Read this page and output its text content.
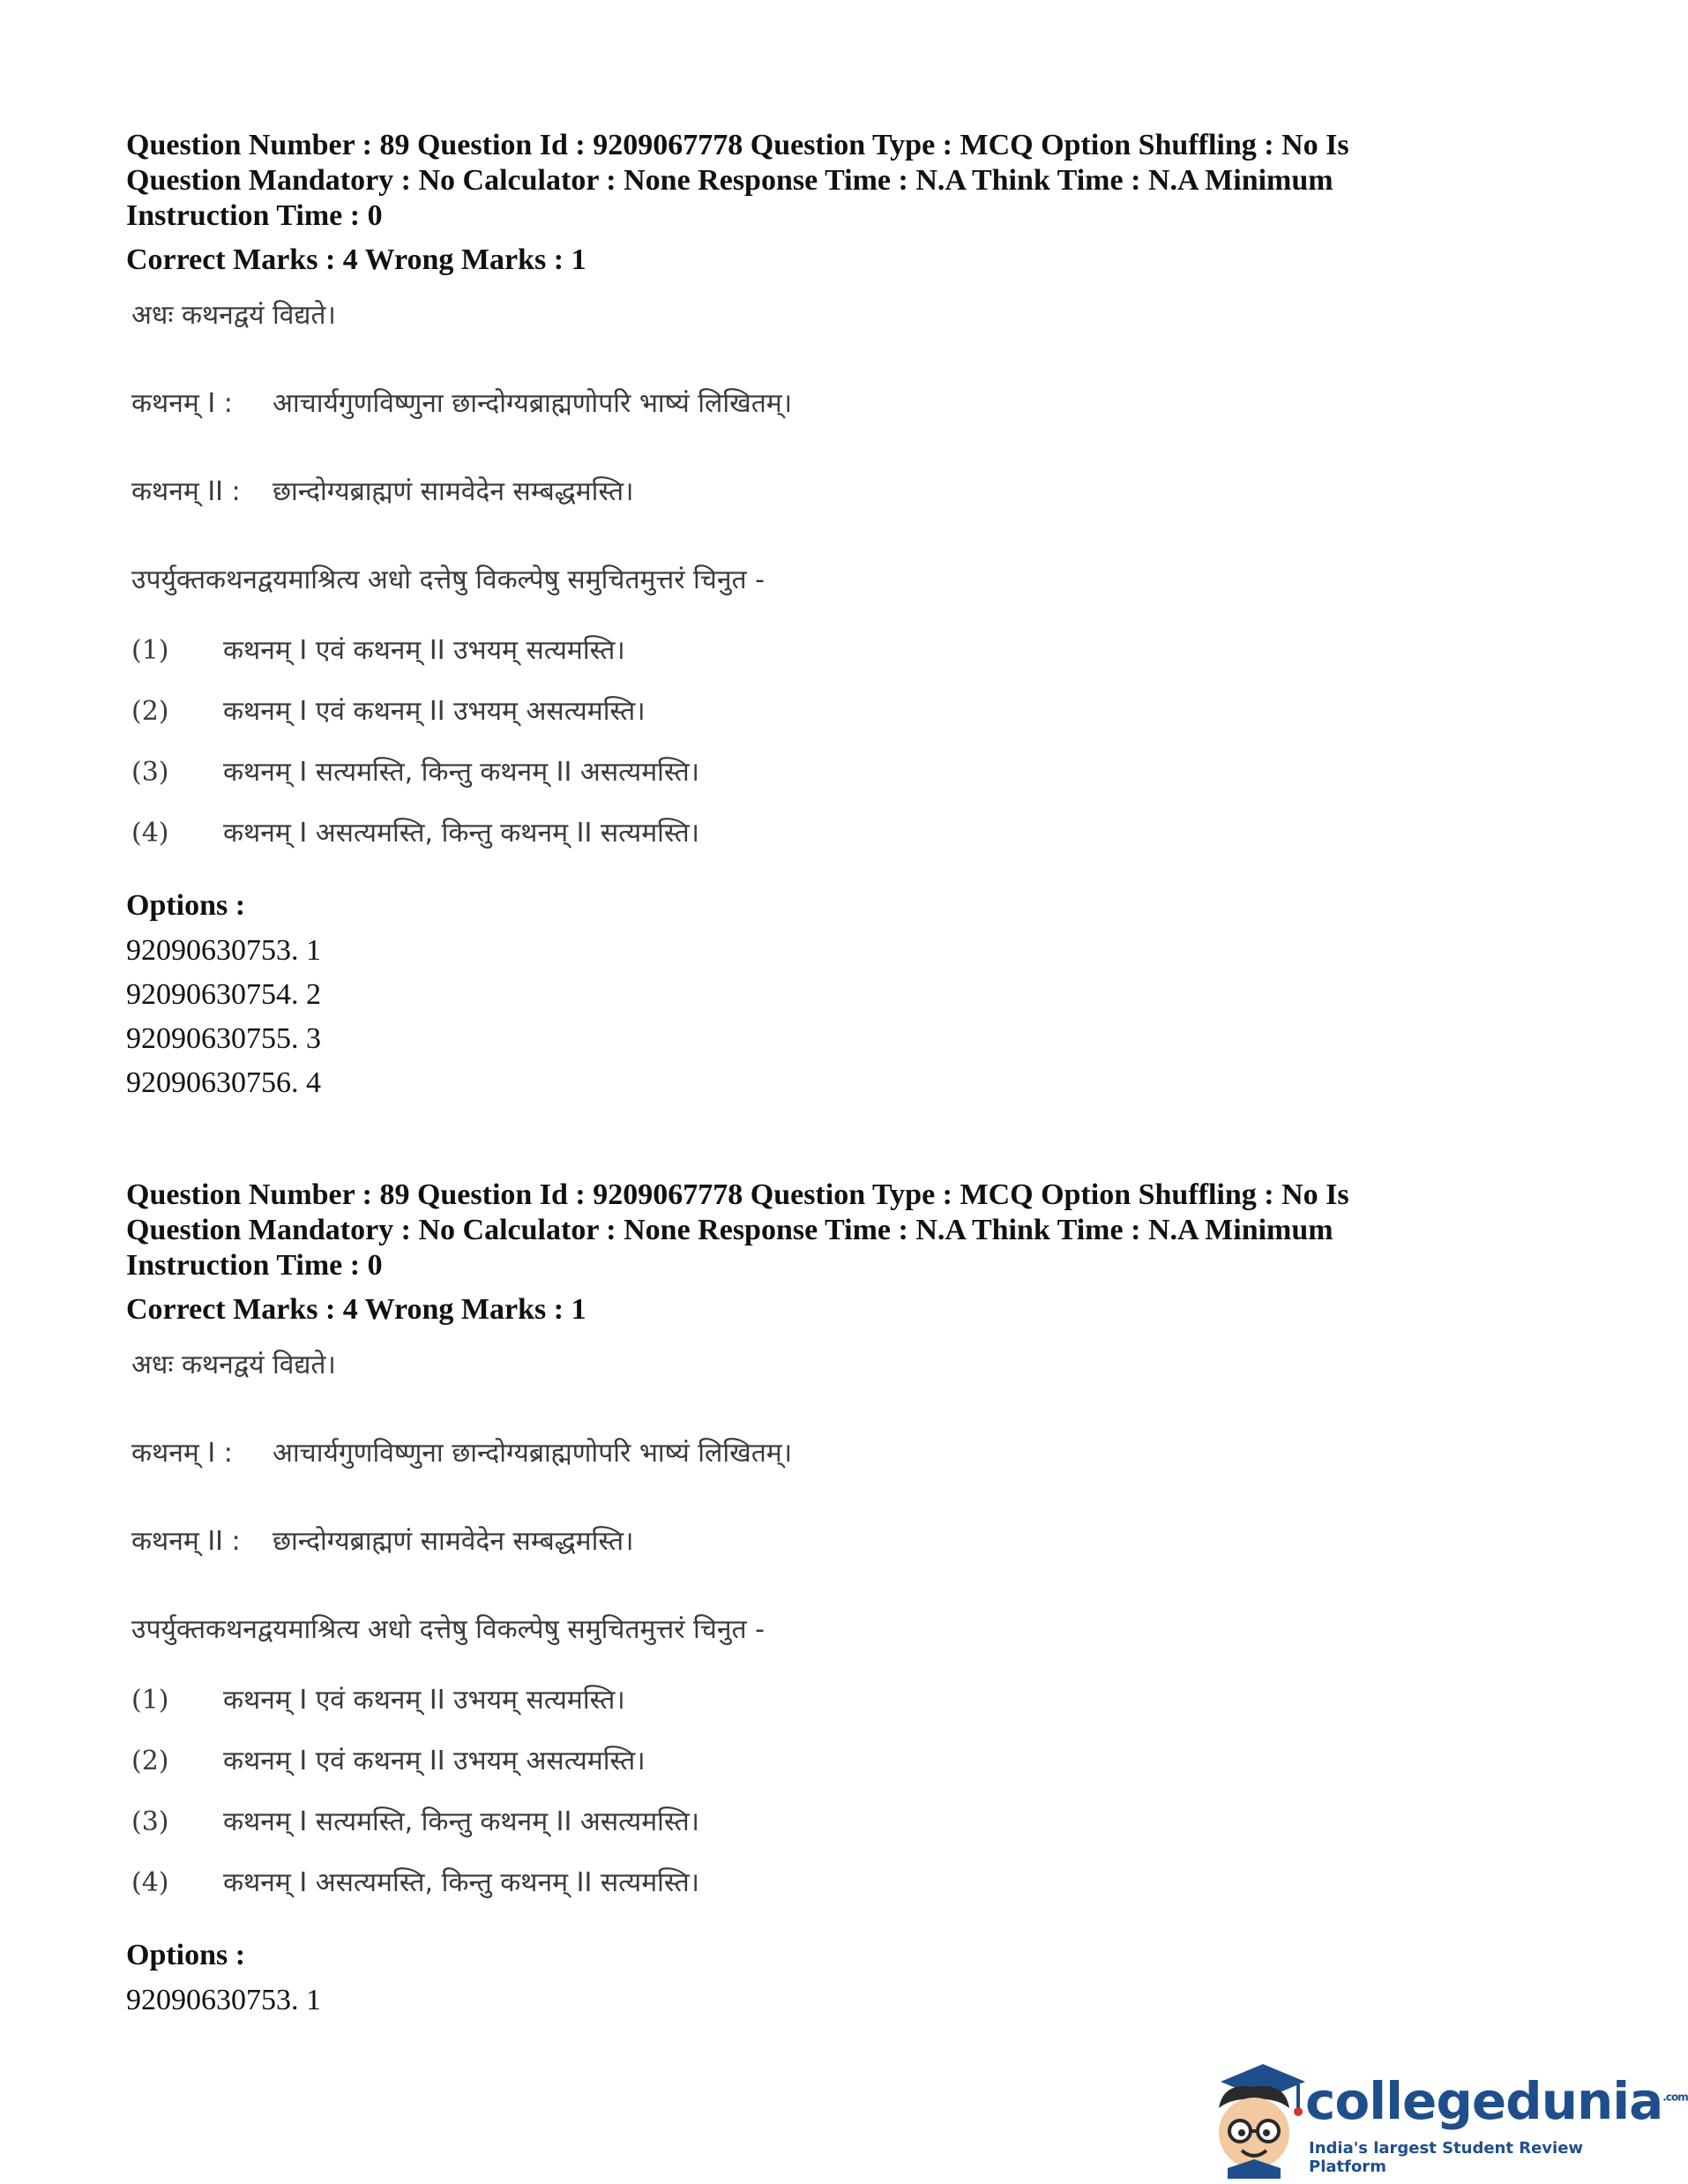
Question Number : 89 Question Id : 9209067778 Question Type : MCQ Option Shuffling : No Is
Question Mandatory : No Calculator : None Response Time : N.A Think Time : N.A Minimum
Instruction Time : 0
Correct Marks : 4 Wrong Marks : 1
अधः कथनद्वयं विद्यते।
कथनम् I :	आचार्यगुणविष्णुना छान्दोग्यब्राह्मणोपरि भाष्यं लिखितम्।
कथनम् II :	छान्दोग्यब्राह्मणं सामवेदेन सम्बद्धमस्ति।
उपर्युक्तकथनद्वयमाश्रित्य अधो दत्तेषु विकल्पेषु समुचितमुत्तरं चिनुत -
(1)	कथनम् I एवं कथनम् II उभयम् सत्यमस्ति।
(2)	कथनम् I एवं कथनम् II उभयम् असत्यमस्ति।
(3)	कथनम् I सत्यमस्ति, किन्तु कथनम् II असत्यमस्ति।
(4)	कथनम् I असत्यमस्ति, किन्तु कथनम् II सत्यमस्ति।
Options :
92090630753. 1
92090630754. 2
92090630755. 3
92090630756. 4
Question Number : 89 Question Id : 9209067778 Question Type : MCQ Option Shuffling : No Is
Question Mandatory : No Calculator : None Response Time : N.A Think Time : N.A Minimum
Instruction Time : 0
Correct Marks : 4 Wrong Marks : 1
अधः कथनद्वयं विद्यते।
कथनम् I :	आचार्यगुणविष्णुना छान्दोग्यब्राह्मणोपरि भाष्यं लिखितम्।
कथनम् II :	छान्दोग्यब्राह्मणं सामवेदेन सम्बद्धमस्ति।
उपर्युक्तकथनद्वयमाश्रित्य अधो दत्तेषु विकल्पेषु समुचितमुत्तरं चिनुत -
(1)	कथनम् I एवं कथनम् II उभयम् सत्यमस्ति।
(2)	कथनम् I एवं कथनम् II उभयम् असत्यमस्ति।
(3)	कथनम् I सत्यमस्ति, किन्तु कथनम् II असत्यमस्ति।
(4)	कथनम् I असत्यमस्ति, किन्तु कथनम् II सत्यमस्ति।
Options :
92090630753. 1
collegedunia$^{.com}$
India's largest Student Review Platform
